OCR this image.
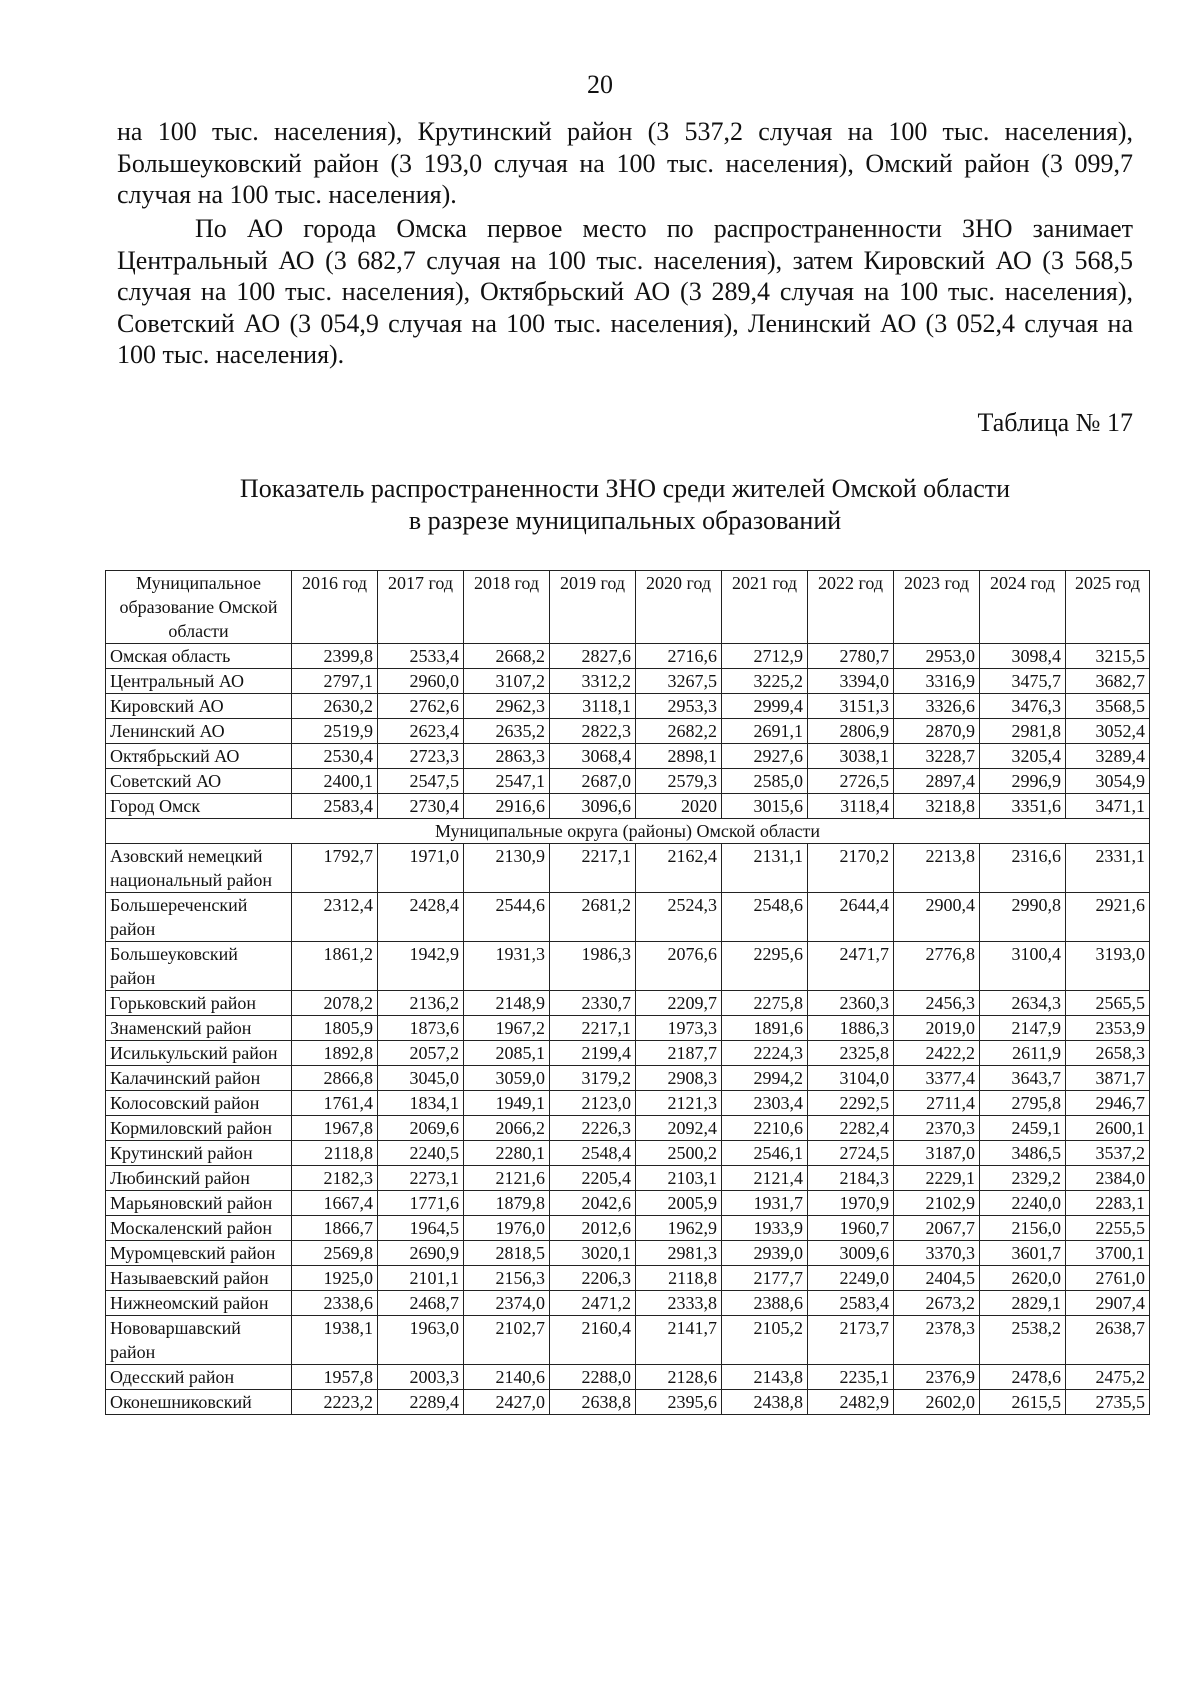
20
на 100 тыс. населения), Крутинский район (3 537,2 случая на 100 тыс. населения), Большеуковский район (3 193,0 случая на 100 тыс. населения), Омский район (3 099,7 случая на 100 тыс. населения).
По АО города Омска первое место по распространенности ЗНО занимает Центральный АО (3 682,7 случая на 100 тыс. населения), затем Кировский АО (3 568,5 случая на 100 тыс. населения), Октябрьский АО (3 289,4 случая на 100 тыс. населения), Советский АО (3 054,9 случая на 100 тыс. населения), Ленинский АО (3 052,4 случая на 100 тыс. населения).
Таблица № 17
Показатель распространенности ЗНО среди жителей Омской области
в разрезе муниципальных образований
Муниципальное образование Омской области	2016 год	2017 год	2018 год	2019 год	2020 год	2021 год	2022 год	2023 год	2024 год	2025 год
Омская область	2399,8	2533,4	2668,2	2827,6	2716,6	2712,9	2780,7	2953,0	3098,4	3215,5
Центральный АО	2797,1	2960,0	3107,2	3312,2	3267,5	3225,2	3394,0	3316,9	3475,7	3682,7
Кировский АО	2630,2	2762,6	2962,3	3118,1	2953,3	2999,4	3151,3	3326,6	3476,3	3568,5
Ленинский АО	2519,9	2623,4	2635,2	2822,3	2682,2	2691,1	2806,9	2870,9	2981,8	3052,4
Октябрьский АО	2530,4	2723,3	2863,3	3068,4	2898,1	2927,6	3038,1	3228,7	3205,4	3289,4
Советский АО	2400,1	2547,5	2547,1	2687,0	2579,3	2585,0	2726,5	2897,4	2996,9	3054,9
Город Омск	2583,4	2730,4	2916,6	3096,6	2020	3015,6	3118,4	3218,8	3351,6	3471,1
Муниципальные округа (районы) Омской области										
Азовский немецкий национальный район	1792,7	1971,0	2130,9	2217,1	2162,4	2131,1	2170,2	2213,8	2316,6	2331,1
Большереченский район	2312,4	2428,4	2544,6	2681,2	2524,3	2548,6	2644,4	2900,4	2990,8	2921,6
Большеуковский район	1861,2	1942,9	1931,3	1986,3	2076,6	2295,6	2471,7	2776,8	3100,4	3193,0
Горьковский район	2078,2	2136,2	2148,9	2330,7	2209,7	2275,8	2360,3	2456,3	2634,3	2565,5
Знаменский район	1805,9	1873,6	1967,2	2217,1	1973,3	1891,6	1886,3	2019,0	2147,9	2353,9
Исилькульский район	1892,8	2057,2	2085,1	2199,4	2187,7	2224,3	2325,8	2422,2	2611,9	2658,3
Калачинский район	2866,8	3045,0	3059,0	3179,2	2908,3	2994,2	3104,0	3377,4	3643,7	3871,7
Колосовский район	1761,4	1834,1	1949,1	2123,0	2121,3	2303,4	2292,5	2711,4	2795,8	2946,7
Кормиловский район	1967,8	2069,6	2066,2	2226,3	2092,4	2210,6	2282,4	2370,3	2459,1	2600,1
Крутинский район	2118,8	2240,5	2280,1	2548,4	2500,2	2546,1	2724,5	3187,0	3486,5	3537,2
Любинский район	2182,3	2273,1	2121,6	2205,4	2103,1	2121,4	2184,3	2229,1	2329,2	2384,0
Марьяновский район	1667,4	1771,6	1879,8	2042,6	2005,9	1931,7	1970,9	2102,9	2240,0	2283,1
Москаленский район	1866,7	1964,5	1976,0	2012,6	1962,9	1933,9	1960,7	2067,7	2156,0	2255,5
Муромцевский район	2569,8	2690,9	2818,5	3020,1	2981,3	2939,0	3009,6	3370,3	3601,7	3700,1
Называевский район	1925,0	2101,1	2156,3	2206,3	2118,8	2177,7	2249,0	2404,5	2620,0	2761,0
Нижнеомский район	2338,6	2468,7	2374,0	2471,2	2333,8	2388,6	2583,4	2673,2	2829,1	2907,4
Нововаршавский район	1938,1	1963,0	2102,7	2160,4	2141,7	2105,2	2173,7	2378,3	2538,2	2638,7
Одесский район	1957,8	2003,3	2140,6	2288,0	2128,6	2143,8	2235,1	2376,9	2478,6	2475,2
Оконешниковский	2223,2	2289,4	2427,0	2638,8	2395,6	2438,8	2482,9	2602,0	2615,5	2735,5
